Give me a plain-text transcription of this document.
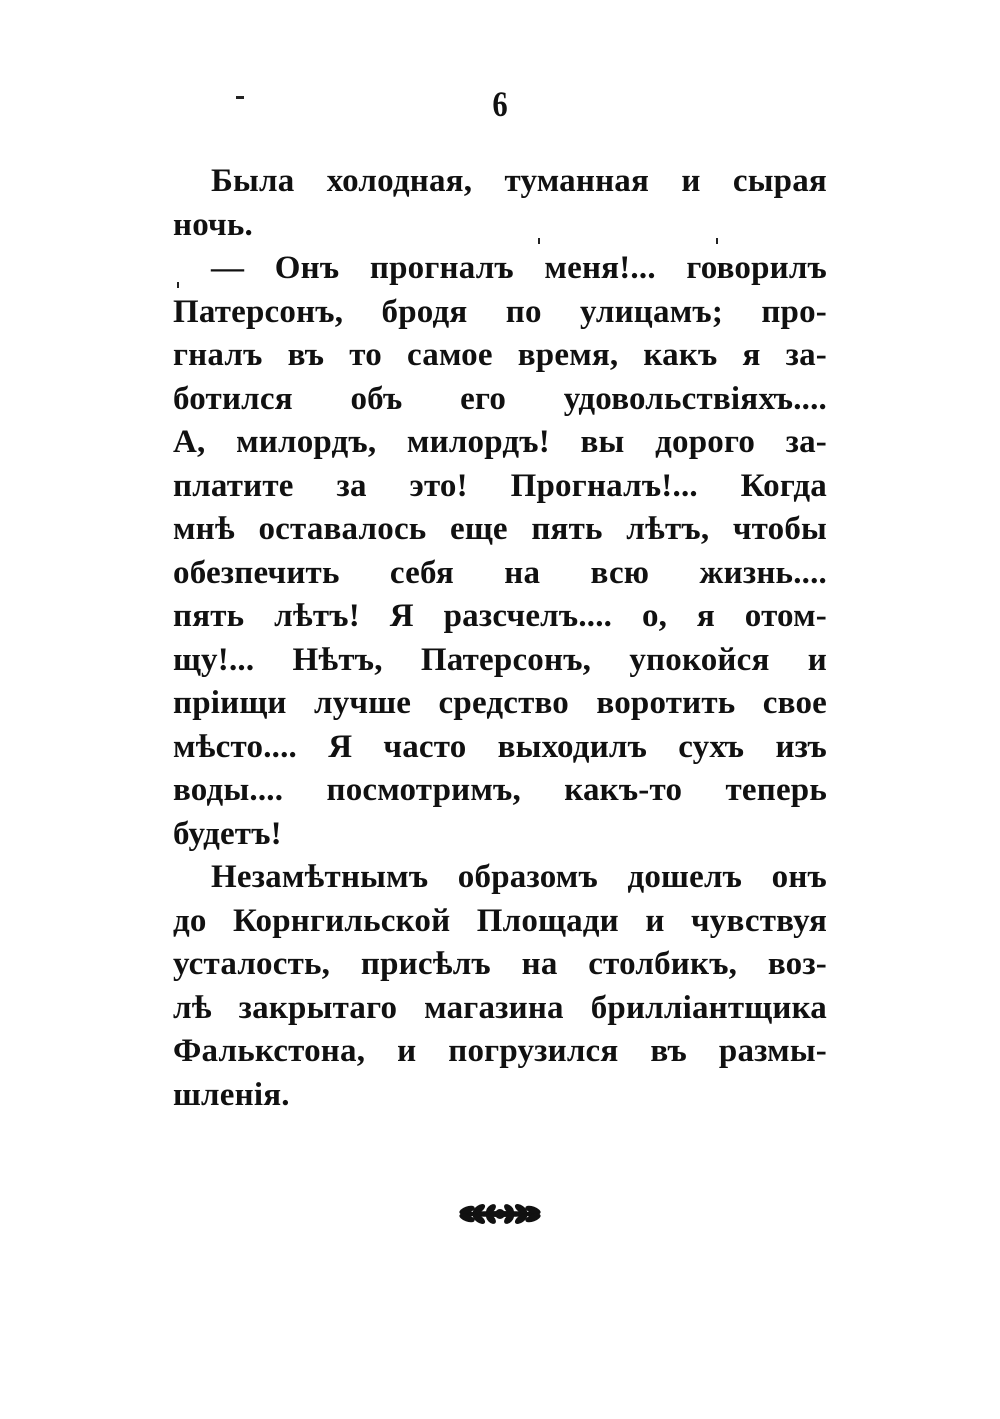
6
Была холодная, туманная и сырая
ночь.
— Онъ прогналъ меня!... говорилъ
Патерсонъ, бродя по улицамъ; про-
гналъ въ то самое время, какъ я за-
ботился объ его удовольствіяхъ....
А, милордъ, милордъ! вы дорого за-
платите за это! Прогналъ!... Когда
мнѣ оставалось еще пять лѣтъ, чтобы
обезпечить себя на всю жизнь....
пять лѣтъ! Я разсчелъ.... о, я отом-
щу!... Нѣтъ, Патерсонъ, упокойся и
пріищи лучше средство воротить свое
мѣсто.... Я часто выходилъ сухъ изъ
воды.... посмотримъ, какъ-то теперь
будетъ!
Незамѣтнымъ образомъ дошелъ онъ
до Корнгильской Площади и чувствуя
усталость, присѣлъ на столбикъ, воз-
лѣ закрытаго магазина брилліантщика
Фалькстона, и погрузился въ размы-
шленія.
